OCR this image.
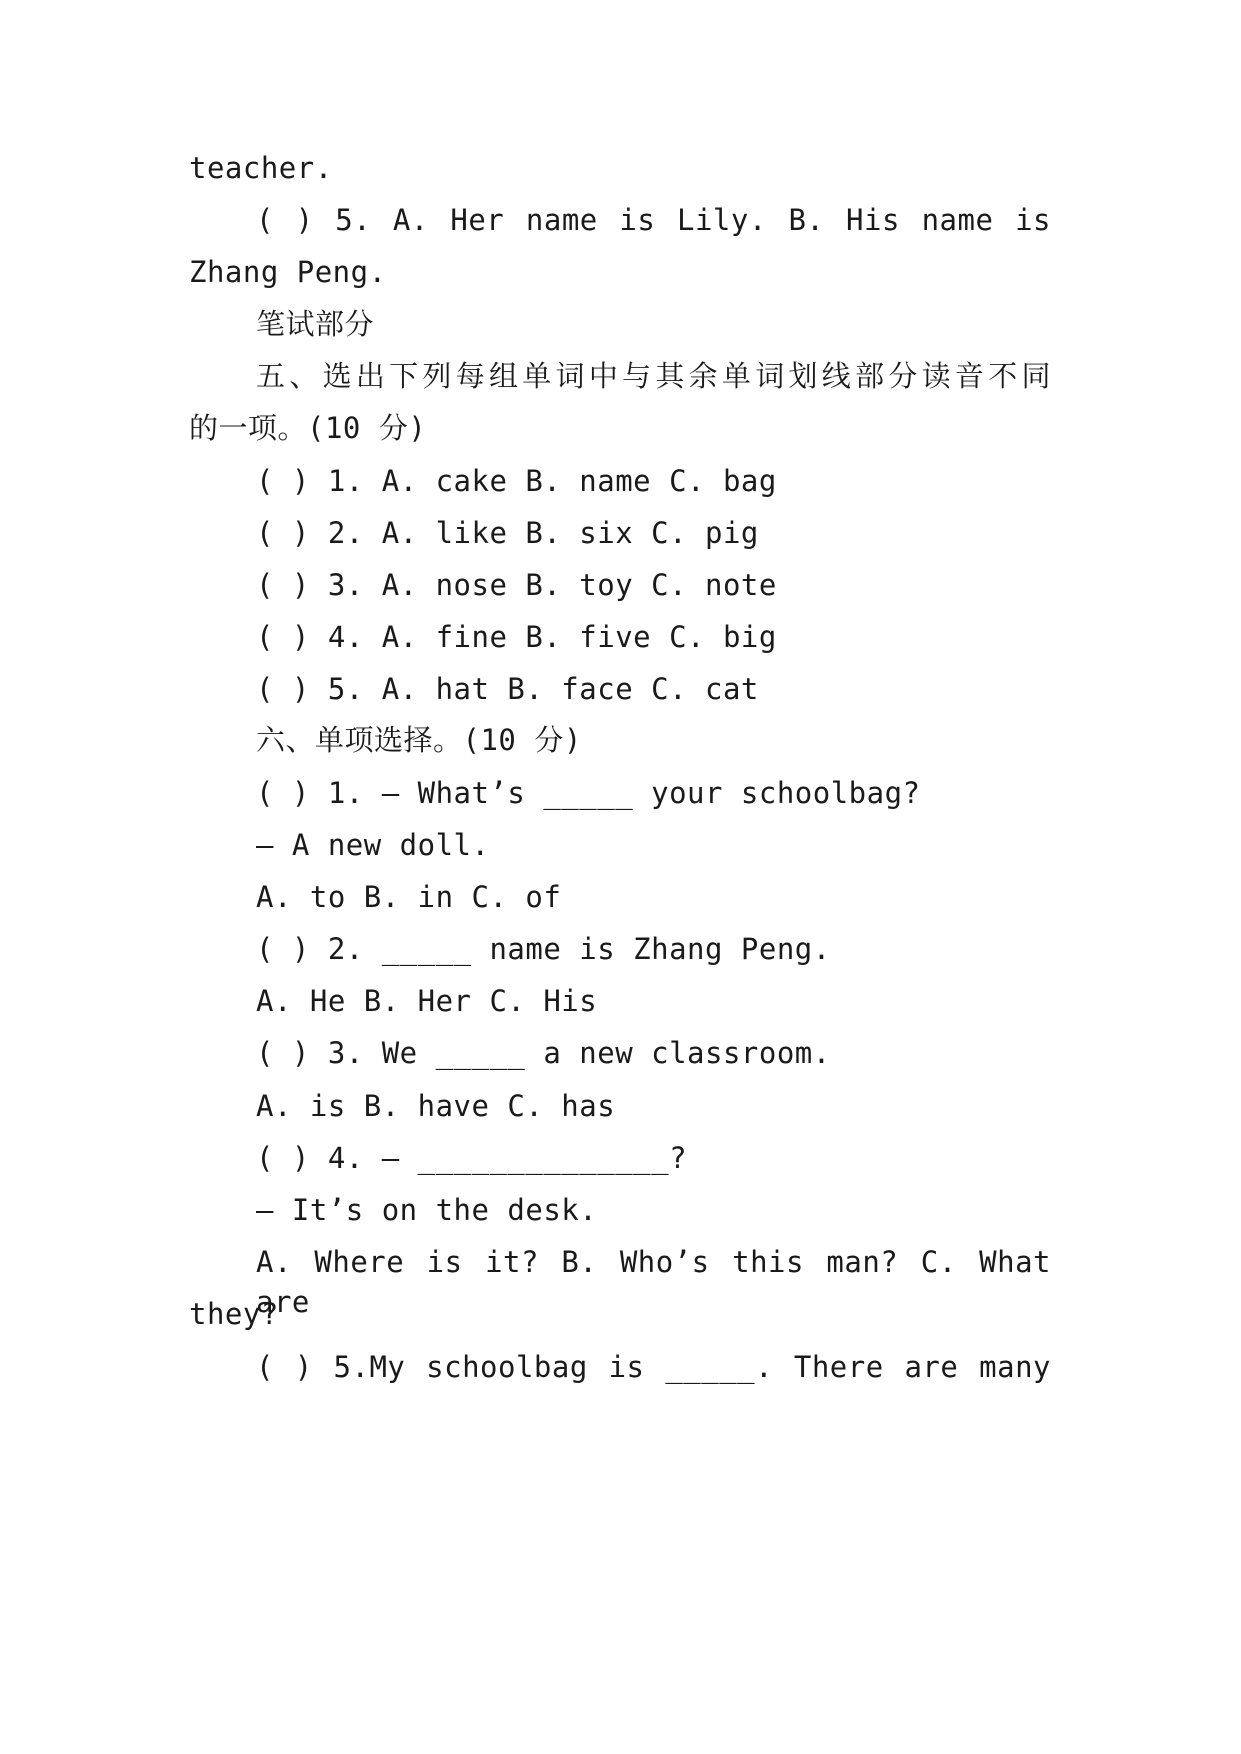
teacher.
( ) 5. A. Her name is Lily. B. His name is
Zhang Peng.
笔试部分
五、选出下列每组单词中与其余单词划线部分读音不同
的一项。(10 分)
( ) 1. A. cake B. name C. bag
( ) 2. A. like B. six C. pig
( ) 3. A. nose B. toy C. note
( ) 4. A. fine B. five C. big
( ) 5. A. hat B. face C. cat
六、单项选择。(10 分)
( ) 1. — What’s _____ your schoolbag?
— A new doll.
A. to B. in C. of
( ) 2. _____ name is Zhang Peng.
A. He B. Her C. His
( ) 3. We _____ a new classroom.
A. is B. have C. has
( ) 4. — ______________?
— It’s on the desk.
A. Where is it? B. Who’s this man? C. What are
they?
( ) 5.My schoolbag is _____. There are many
